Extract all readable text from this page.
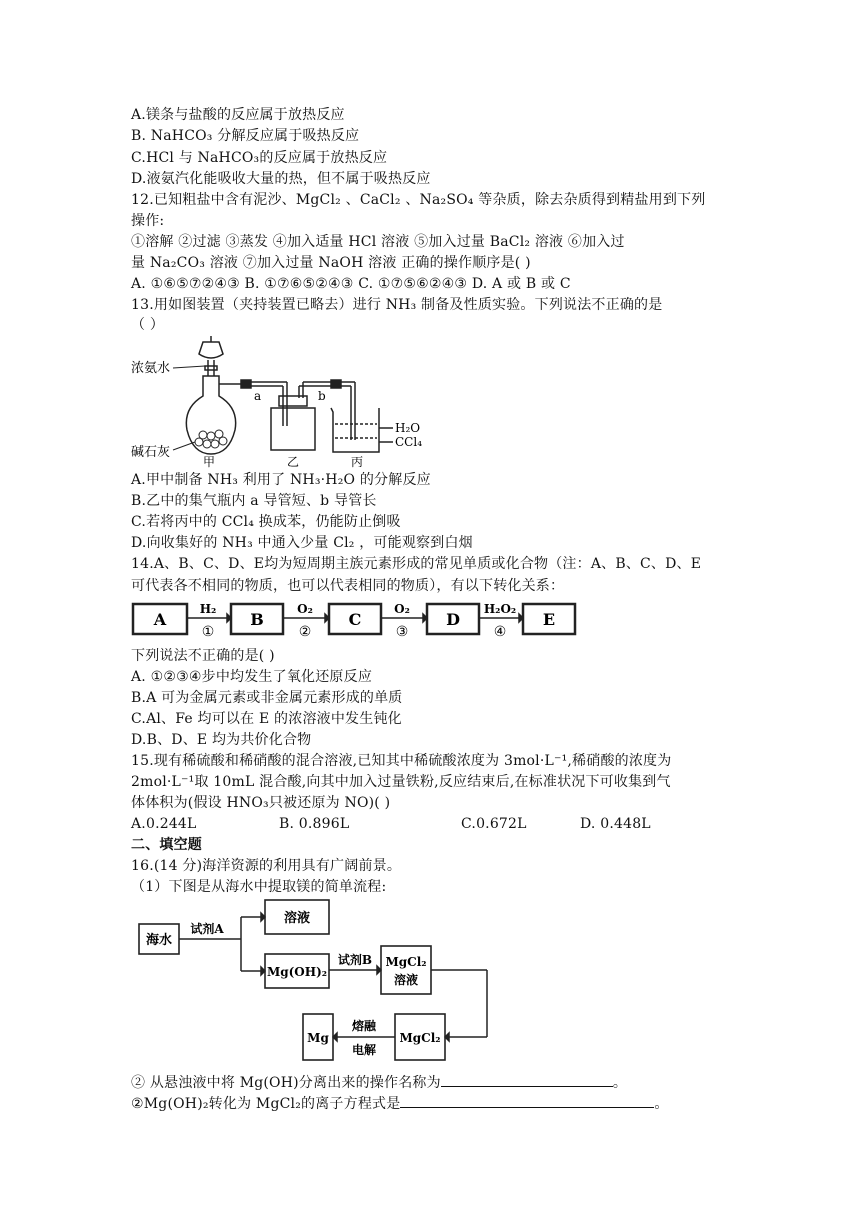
A.镁条与盐酸的反应属于放热反应
B. NaHCO₃ 分解反应属于吸热反应
C.HCl 与 NaHCO₃的反应属于放热反应
D.液氨汽化能吸收大量的热，但不属于吸热反应
12.已知粗盐中含有泥沙、MgCl₂ 、CaCl₂ 、Na₂SO₄ 等杂质，除去杂质得到精盐用到下列
操作:
①溶解 ②过滤 ③蒸发 ④加入适量 HCl 溶液 ⑤加入过量 BaCl₂ 溶液 ⑥加入过
量 Na₂CO₃ 溶液 ⑦加入过量 NaOH 溶液 正确的操作顺序是( )
A. ①⑥⑤⑦②④③ B. ①⑦⑥⑤②④③ C. ①⑦⑤⑥②④③ D. A 或 B 或 C
13.用如图装置（夹持装置已略去）进行 NH₃ 制备及性质实验。下列说法不正确的是
（ ）
浓氨水
碱石灰
a	b
H₂O
CCl₄
甲	乙	丙
A.甲中制备 NH₃ 利用了 NH₃·H₂O 的分解反应
B.乙中的集气瓶内 a 导管短、b 导管长
C.若将丙中的 CCl₄ 换成苯，仍能防止倒吸
D.向收集好的 NH₃ 中通入少量 Cl₂ ，可能观察到白烟
14.A、B、C、D、E均为短周期主族元素形成的常见单质或化合物（注：A、B、C、D、E
可代表各不相同的物质，也可以代表相同的物质），有以下转化关系：
A	B	C	D	E
H₂	O₂	O₂	H₂O₂
①	②	③	④
下列说法不正确的是( )
A. ①②③④步中均发生了氧化还原反应
B.A 可为金属元素或非金属元素形成的单质
C.Al、Fe 均可以在 E 的浓溶液中发生钝化
D.B、D、E 均为共价化合物
15.现有稀硫酸和稀硝酸的混合溶液,已知其中稀硫酸浓度为 3mol·L⁻¹,稀硝酸的浓度为
2mol·L⁻¹取 10mL 混合酸,向其中加入过量铁粉,反应结束后,在标准状况下可收集到气
体体积为(假设 HNO₃只被还原为 NO)( )
A.0.244L	B. 0.896L	C.0.672L	D. 0.448L
二、填空题
16.(14 分)海洋资源的利用具有广阔前景。
（1）下图是从海水中提取镁的简单流程:
海水
试剂A
溶液
Mg(OH)₂
试剂B MgCl₂
溶液
MgCl₂
熔融
电解
Mg
② 从悬浊液中将 Mg(OH)分离出来的操作名称为	。
②Mg(OH)₂转化为 MgCl₂的离子方程式是	。
